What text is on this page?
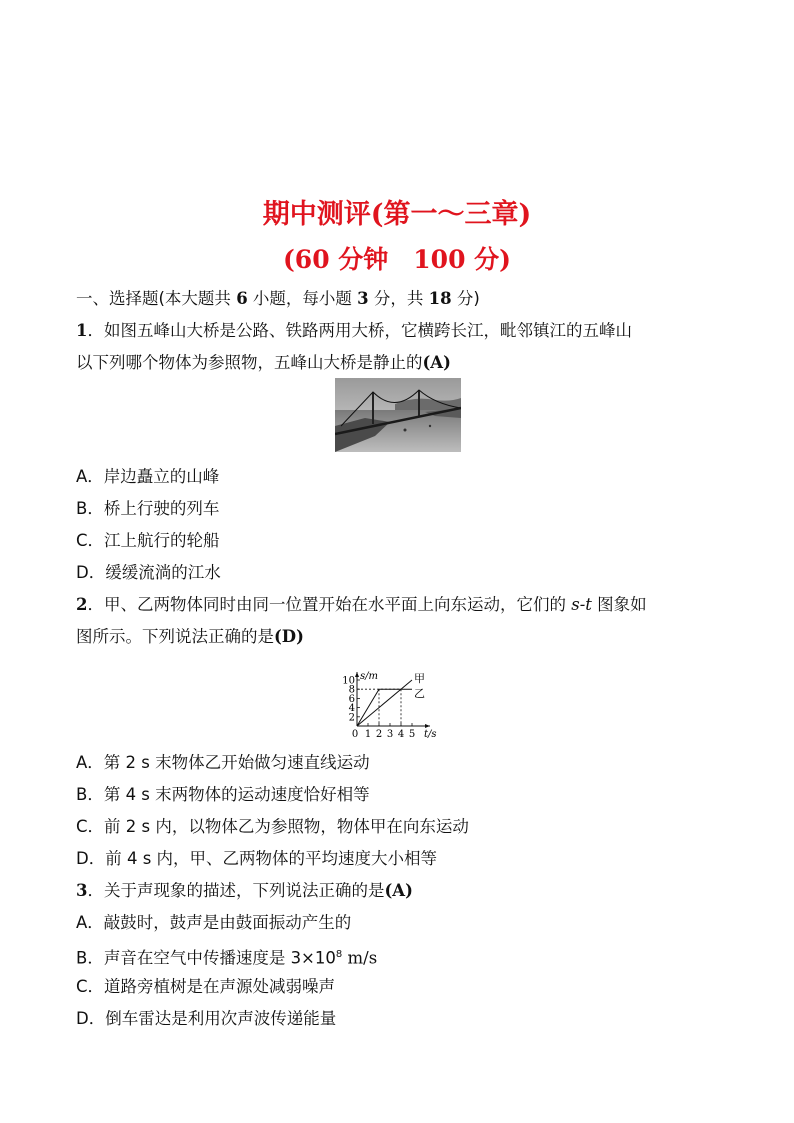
期中测评(第一～三章)
(60 分钟　100 分)
一、选择题(本大题共 6 小题，每小题 3 分，共 18 分)
1．如图五峰山大桥是公路、铁路两用大桥，它横跨长江，毗邻镇江的五峰山
以下列哪个物体为参照物，五峰山大桥是静止的(A)
A．岸边矗立的山峰
B．桥上行驶的列车
C．江上航行的轮船
D．缓缓流淌的江水
2．甲、乙两物体同时由同一位置开始在水平面上向东运动，它们的 s-t 图象如
图所示。下列说法正确的是(D)
2
4
6
8
10
0 1 2 3 4 5
s/m
t/s
甲
乙
A．第 2 s 末物体乙开始做匀速直线运动
B．第 4 s 末两物体的运动速度恰好相等
C．前 2 s 内，以物体乙为参照物，物体甲在向东运动
D．前 4 s 内，甲、乙两物体的平均速度大小相等
3．关于声现象的描述，下列说法正确的是(A)
A．敲鼓时，鼓声是由鼓面振动产生的
B．声音在空气中传播速度是 $3\times 10^8$ m/s
C．道路旁植树是在声源处减弱噪声
D．倒车雷达是利用次声波传递能量
